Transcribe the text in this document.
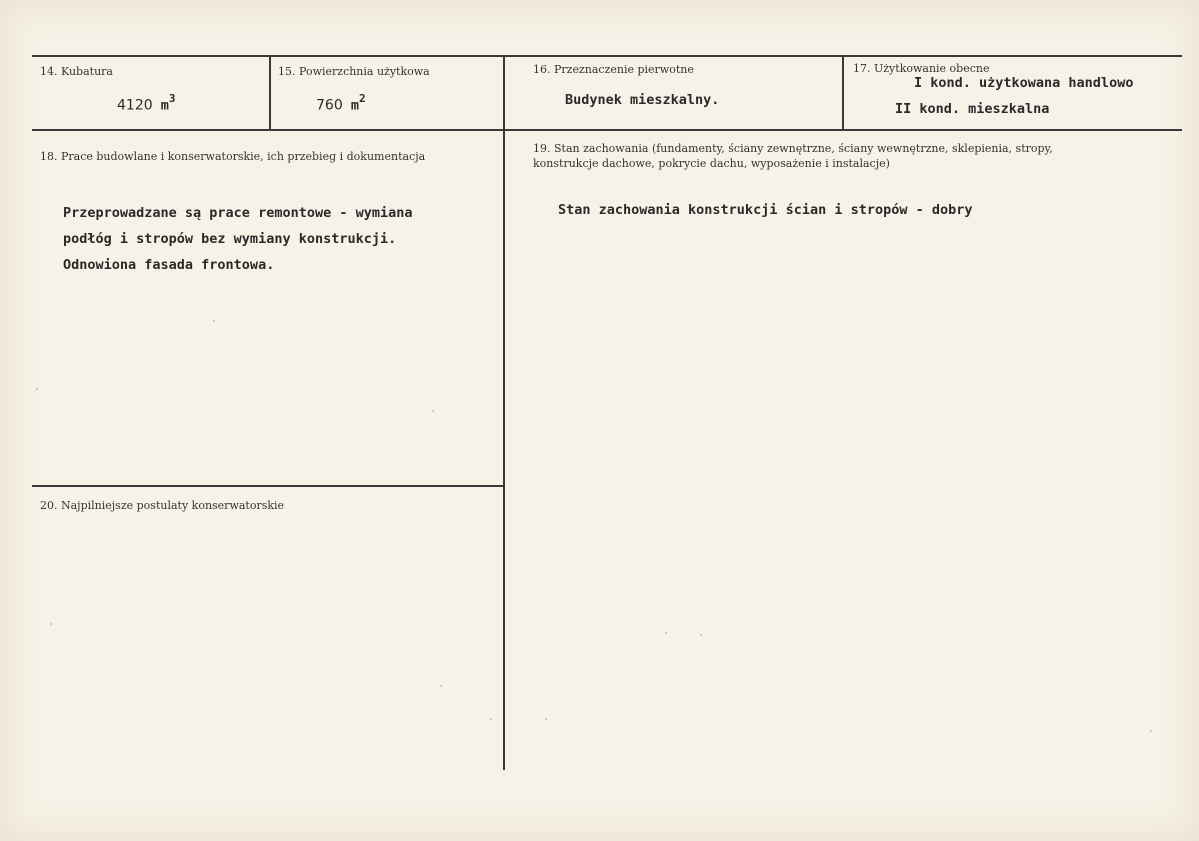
14. Kubatura
4120 $m^3$
15. Powierzchnia użytkowa
760 $m^2$
16. Przeznaczenie pierwotne
Budynek mieszkalny.
17. Użytkowanie obecne
I kond. użytkowana handlowo
II kond. mieszkalna
18. Prace budowlane i konserwatorskie, ich przebieg i dokumentacja
Przeprowadzane są prace remontowe - wymiana
podłóg i stropów bez wymiany konstrukcji.
Odnowiona fasada frontowa.
19. Stan zachowania (fundamenty, ściany zewnętrzne, ściany wewnętrzne, sklepienia, stropy,
konstrukcje dachowe, pokrycie dachu, wyposażenie i instalacje)
Stan zachowania konstrukcji ścian i stropów - dobry
20. Najpilniejsze postulaty konserwatorskie
